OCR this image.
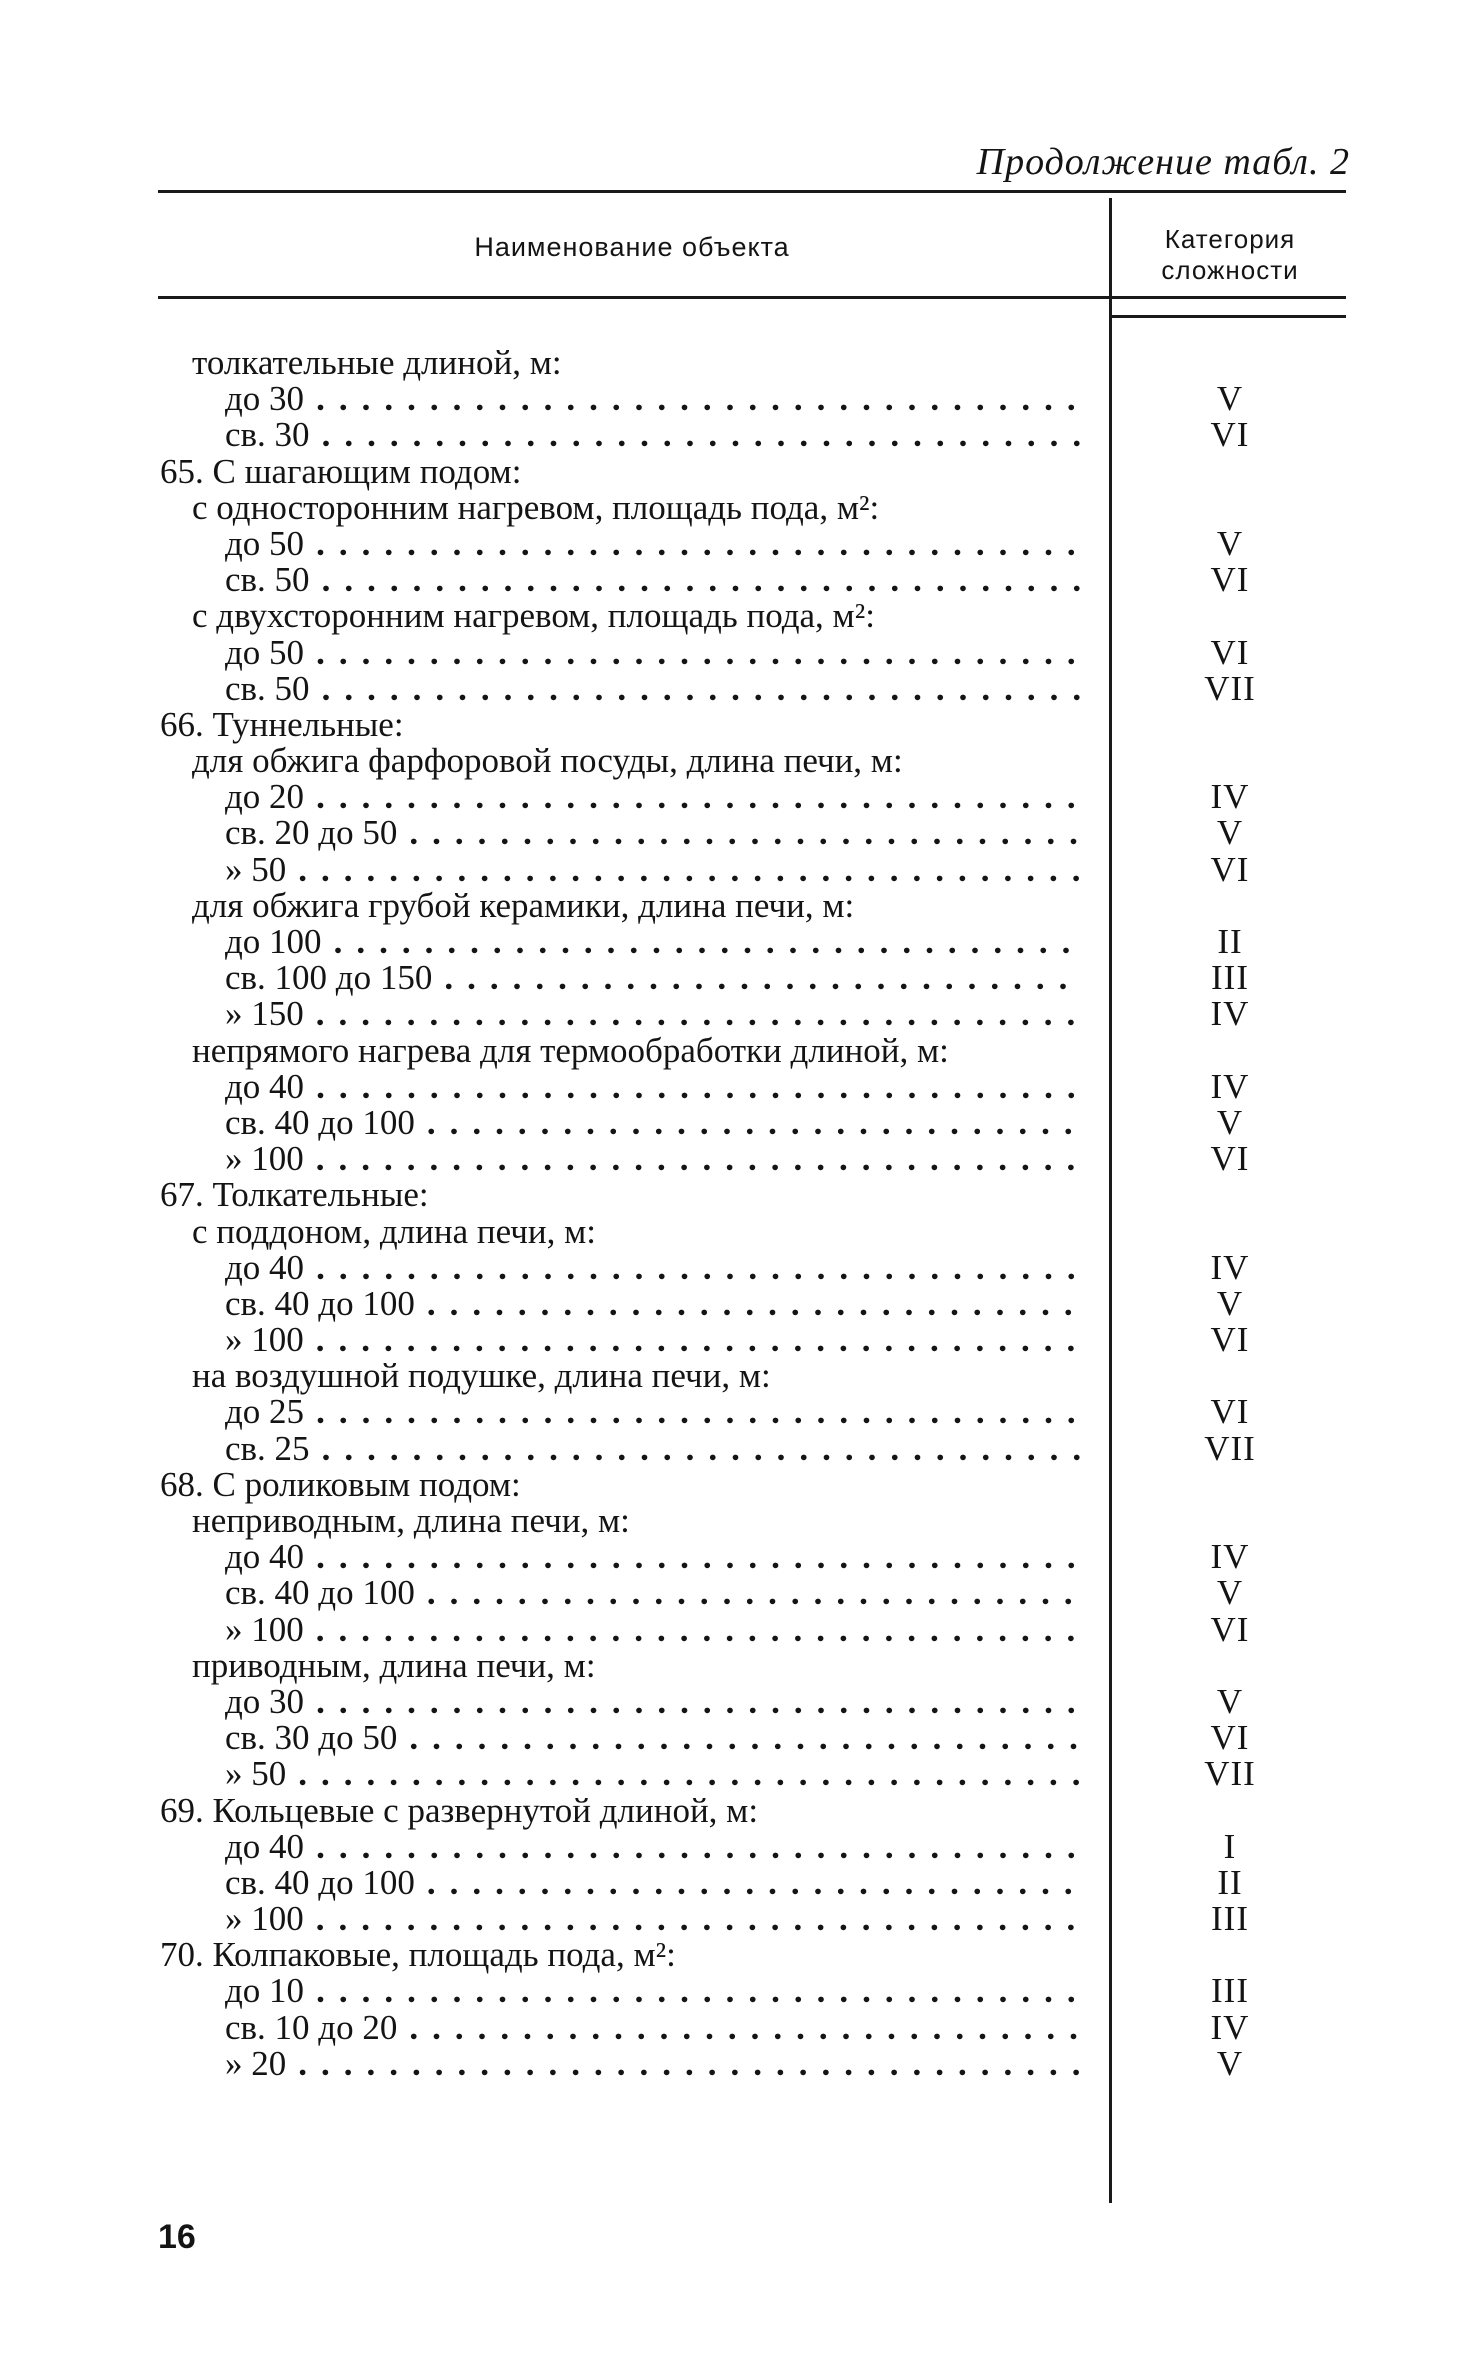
Продолжение табл. 2
Наименование объекта	Категория
сложности
толкательные длиной, м:
до 30 .....	V
св. 30 .....	VI
65. С шагающим подом:
с односторонним нагревом, площадь пода, м²:
до 50 .....	V
св. 50 .....	VI
с двухсторонним нагревом, площадь пода, м²:
до 50 .....	VI
св. 50 .....	VII
66. Туннельные:
для обжига фарфоровой посуды, длина печи, м:
до 20 .....	IV
св. 20 до 50 .....	V
» 50 .....	VI
для обжига грубой керамики, длина печи, м:
до 100 .....	II
св. 100 до 150 .....	III
» 150 .....	IV
непрямого нагрева для термообработки длиной, м:
до 40 .....	IV
св. 40 до 100 .....	V
» 100 .....	VI
67. Толкательные:
с поддоном, длина печи, м:
до 40 .....	IV
св. 40 до 100 .....	V
» 100 .....	VI
на воздушной подушке, длина печи, м:
до 25 .....	VI
св. 25 .....	VII
68. С роликовым подом:
неприводным, длина печи, м:
до 40 .....	IV
св. 40 до 100 .....	V
» 100 .....	VI
приводным, длина печи, м:
до 30 .....	V
св. 30 до 50 .....	VI
» 50 .....	VII
69. Кольцевые с развернутой длиной, м:
до 40 .....	I
св. 40 до 100 .....	II
» 100 .....	III
70. Колпаковые, площадь пода, м²:
до 10 .....	III
св. 10 до 20 .....	IV
» 20 .....	V
16
